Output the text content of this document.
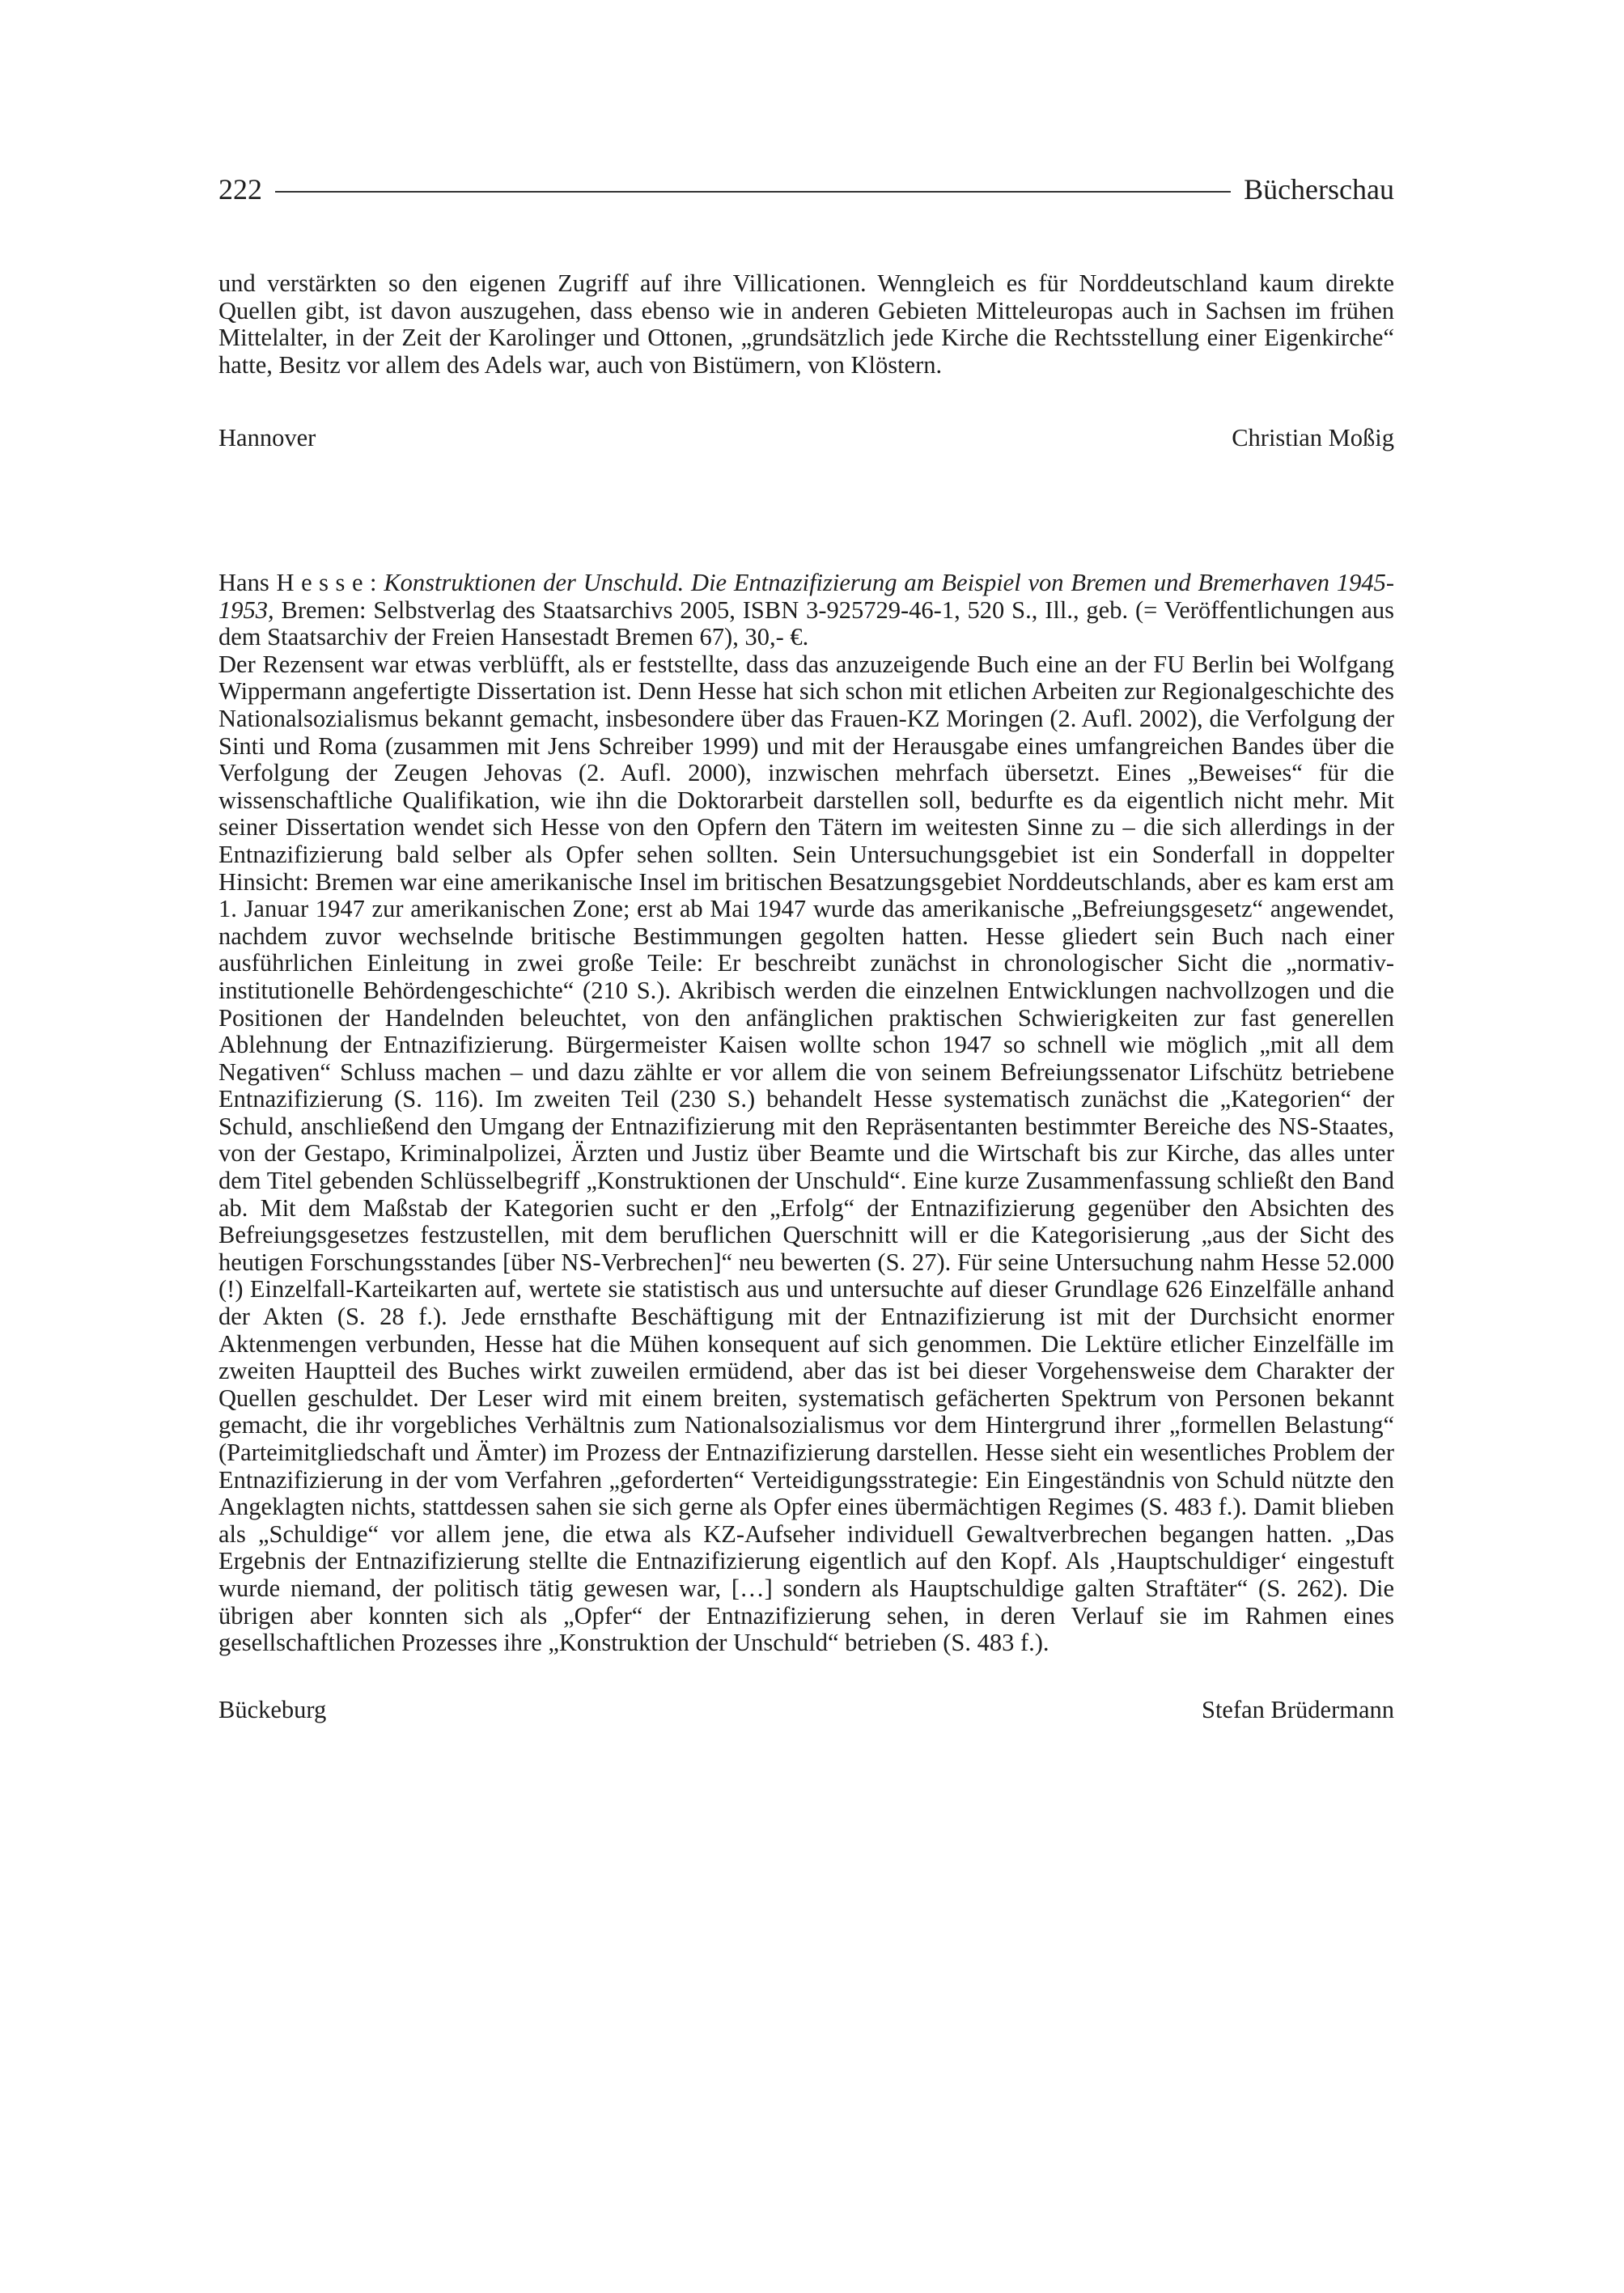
222	Bücherschau

und verstärkten so den eigenen Zugriff auf ihre Villicationen. Wenngleich es für Norddeutschland kaum direkte Quellen gibt, ist davon auszugehen, dass ebenso wie in anderen Gebieten Mitteleuropas auch in Sachsen im frühen Mittelalter, in der Zeit der Karolinger und Ottonen, „grundsätzlich jede Kirche die Rechtsstellung einer Eigenkirche“ hatte, Besitz vor allem des Adels war, auch von Bistümern, von Klöstern.

Hannover	Christian Moßig

Hans Hesse: Konstruktionen der Unschuld. Die Entnazifizierung am Beispiel von Bremen und Bremerhaven 1945-1953, Bremen: Selbstverlag des Staatsarchivs 2005, ISBN 3-925729-46-1, 520 S., Ill., geb. (= Veröffentlichungen aus dem Staatsarchiv der Freien Hansestadt Bremen 67), 30,- €.

Der Rezensent war etwas verblüfft, als er feststellte, dass das anzuzeigende Buch eine an der FU Berlin bei Wolfgang Wippermann angefertigte Dissertation ist. Denn Hesse hat sich schon mit etlichen Arbeiten zur Regionalgeschichte des Nationalsozialismus bekannt gemacht, insbesondere über das Frauen-KZ Moringen (2. Aufl. 2002), die Verfolgung der Sinti und Roma (zusammen mit Jens Schreiber 1999) und mit der Herausgabe eines umfangreichen Bandes über die Verfolgung der Zeugen Jehovas (2. Aufl. 2000), inzwischen mehrfach übersetzt. Eines „Beweises“ für die wissenschaftliche Qualifikation, wie ihn die Doktorarbeit darstellen soll, bedurfte es da eigentlich nicht mehr. Mit seiner Dissertation wendet sich Hesse von den Opfern den Tätern im weitesten Sinne zu – die sich allerdings in der Entnazifizierung bald selber als Opfer sehen sollten. Sein Untersuchungsgebiet ist ein Sonderfall in doppelter Hinsicht: Bremen war eine amerikanische Insel im britischen Besatzungsgebiet Norddeutschlands, aber es kam erst am 1. Januar 1947 zur amerikanischen Zone; erst ab Mai 1947 wurde das amerikanische „Befreiungsgesetz“ angewendet, nachdem zuvor wechselnde britische Bestimmungen gegolten hatten. Hesse gliedert sein Buch nach einer ausführlichen Einleitung in zwei große Teile: Er beschreibt zunächst in chronologischer Sicht die „normativ-institutionelle Behördengeschichte“ (210 S.). Akribisch werden die einzelnen Entwicklungen nachvollzogen und die Positionen der Handelnden beleuchtet, von den anfänglichen praktischen Schwierigkeiten zur fast generellen Ablehnung der Entnazifizierung. Bürgermeister Kaisen wollte schon 1947 so schnell wie möglich „mit all dem Negativen“ Schluss machen – und dazu zählte er vor allem die von seinem Befreiungssenator Lifschütz betriebene Entnazifizierung (S. 116). Im zweiten Teil (230 S.) behandelt Hesse systematisch zunächst die „Kategorien“ der Schuld, anschließend den Umgang der Entnazifizierung mit den Repräsentanten bestimmter Bereiche des NS-Staates, von der Gestapo, Kriminalpolizei, Ärzten und Justiz über Beamte und die Wirtschaft bis zur Kirche, das alles unter dem Titel gebenden Schlüsselbegriff „Konstruktionen der Unschuld“. Eine kurze Zusammenfassung schließt den Band ab. Mit dem Maßstab der Kategorien sucht er den „Erfolg“ der Entnazifizierung gegenüber den Absichten des Befreiungsgesetzes festzustellen, mit dem beruflichen Querschnitt will er die Kategorisierung „aus der Sicht des heutigen Forschungsstandes [über NS-Verbrechen]“ neu bewerten (S. 27). Für seine Untersuchung nahm Hesse 52.000 (!) Einzelfall-Karteikarten auf, wertete sie statistisch aus und untersuchte auf dieser Grundlage 626 Einzelfälle anhand der Akten (S. 28 f.). Jede ernsthafte Beschäftigung mit der Entnazifizierung ist mit der Durchsicht enormer Aktenmengen verbunden, Hesse hat die Mühen konsequent auf sich genommen. Die Lektüre etlicher Einzelfälle im zweiten Hauptteil des Buches wirkt zuweilen ermüdend, aber das ist bei dieser Vorgehensweise dem Charakter der Quellen geschuldet. Der Leser wird mit einem breiten, systematisch gefächerten Spektrum von Personen bekannt gemacht, die ihr vorgebliches Verhältnis zum Nationalsozialismus vor dem Hintergrund ihrer „formellen Belastung“ (Parteimitgliedschaft und Ämter) im Prozess der Entnazifizierung darstellen. Hesse sieht ein wesentliches Problem der Entnazifizierung in der vom Verfahren „geforderten“ Verteidigungsstrategie: Ein Eingeständnis von Schuld nützte den Angeklagten nichts, stattdessen sahen sie sich gerne als Opfer eines übermächtigen Regimes (S. 483 f.). Damit blieben als „Schuldige“ vor allem jene, die etwa als KZ-Aufseher individuell Gewaltverbrechen begangen hatten. „Das Ergebnis der Entnazifizierung stellte die Entnazifizierung eigentlich auf den Kopf. Als ‚Hauptschuldiger‘ eingestuft wurde niemand, der politisch tätig gewesen war, […] sondern als Hauptschuldige galten Straftäter“ (S. 262). Die übrigen aber konnten sich als „Opfer“ der Entnazifizierung sehen, in deren Verlauf sie im Rahmen eines gesellschaftlichen Prozesses ihre „Konstruktion der Unschuld“ betrieben (S. 483 f.).

Bückeburg	Stefan Brüdermann
